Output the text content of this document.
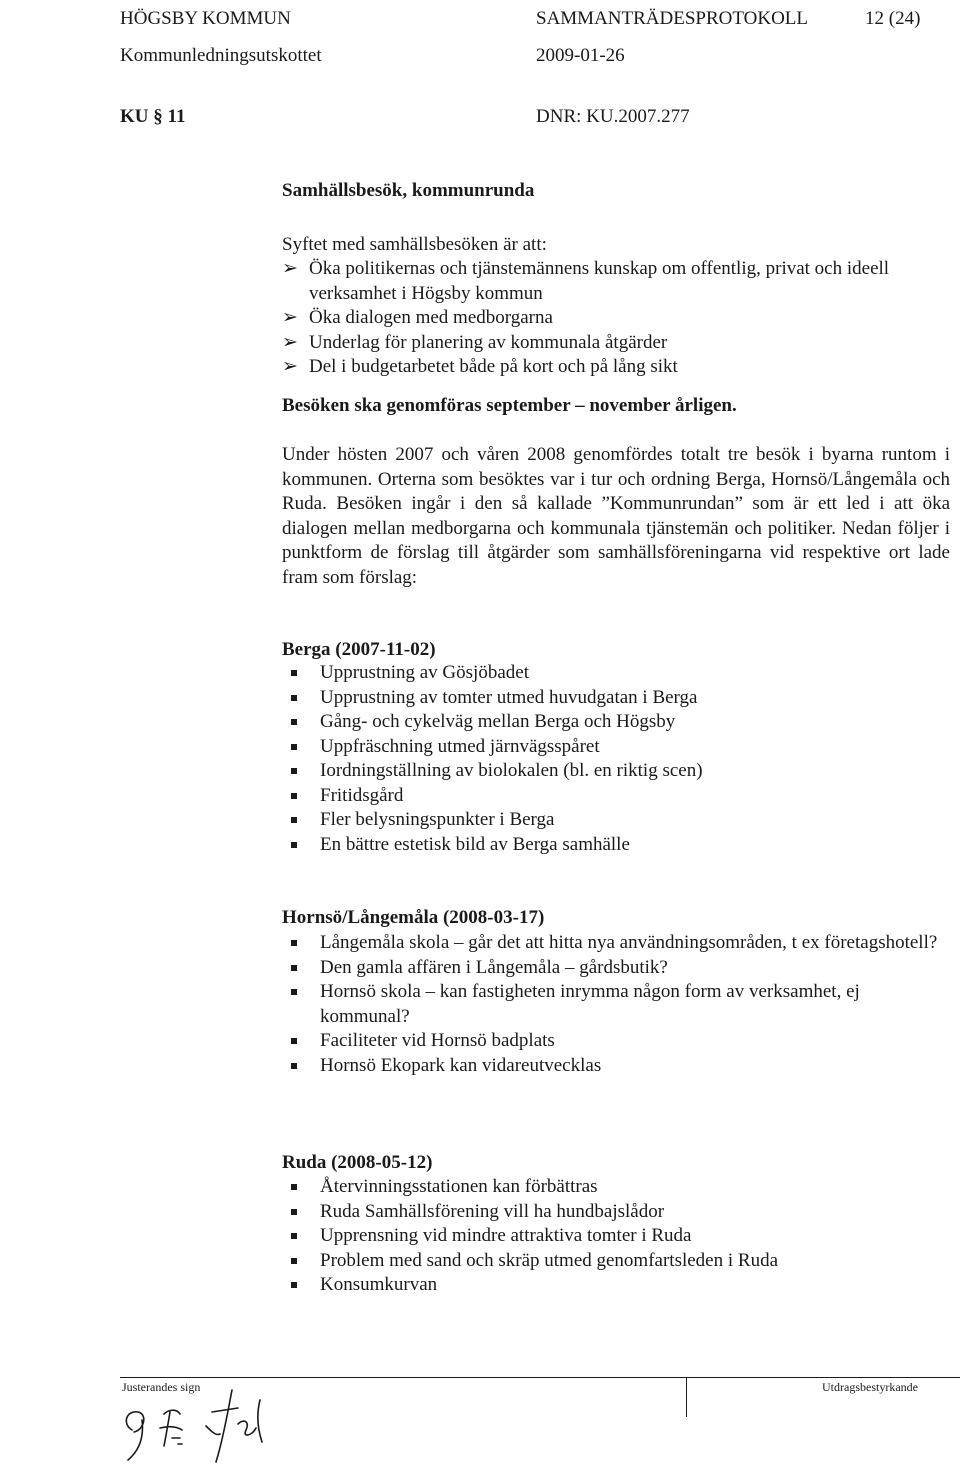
HÖGSBY KOMMUN	SAMMANTRÄDESPROTOKOLL	12 (24)
Kommunledningsutskottet	2009-01-26
KU § 11	DNR: KU.2007.277
Samhällsbesök, kommunrunda
Syftet med samhällsbesöken är att:
➢ Öka politikernas och tjänstemännens kunskap om offentlig, privat och ideell verksamhet i Högsby kommun
➢ Öka dialogen med medborgarna
➢ Underlag för planering av kommunala åtgärder
➢ Del i budgetarbetet både på kort och på lång sikt
Besöken ska genomföras september – november årligen.
Under hösten 2007 och våren 2008 genomfördes totalt tre besök i byarna runtom i kommunen. Orterna som besöktes var i tur och ordning Berga, Hornsö/Långemåla och Ruda. Besöken ingår i den så kallade ”Kommunrundan” som är ett led i att öka dialogen mellan medborgarna och kommunala tjänstemän och politiker. Nedan följer i punktform de förslag till åtgärder som samhällsföreningarna vid respektive ort lade fram som förslag:
Berga (2007-11-02)
Upprustning av Gösjöbadet
Upprustning av tomter utmed huvudgatan i Berga
Gång- och cykelväg mellan Berga och Högsby
Uppfräschning utmed järnvägsspåret
Iordningställning av biolokalen (bl. en riktig scen)
Fritidsgård
Fler belysningspunkter i Berga
En bättre estetisk bild av Berga samhälle
Hornsö/Långemåla (2008-03-17)
Långemåla skola – går det att hitta nya användningsområden, t ex företagshotell?
Den gamla affären i Långemåla – gårdsbutik?
Hornsö skola – kan fastigheten inrymma någon form av verksamhet, ej kommunal?
Faciliteter vid Hornsö badplats
Hornsö Ekopark kan vidareutvecklas
Ruda (2008-05-12)
Återvinningsstationen kan förbättras
Ruda Samhällsförening vill ha hundbajslådor
Upprensning vid mindre attraktiva tomter i Ruda
Problem med sand och skräp utmed genomfartsleden i Ruda
Konsumkurvan
Justerandes sign	Utdragsbestyrkande
